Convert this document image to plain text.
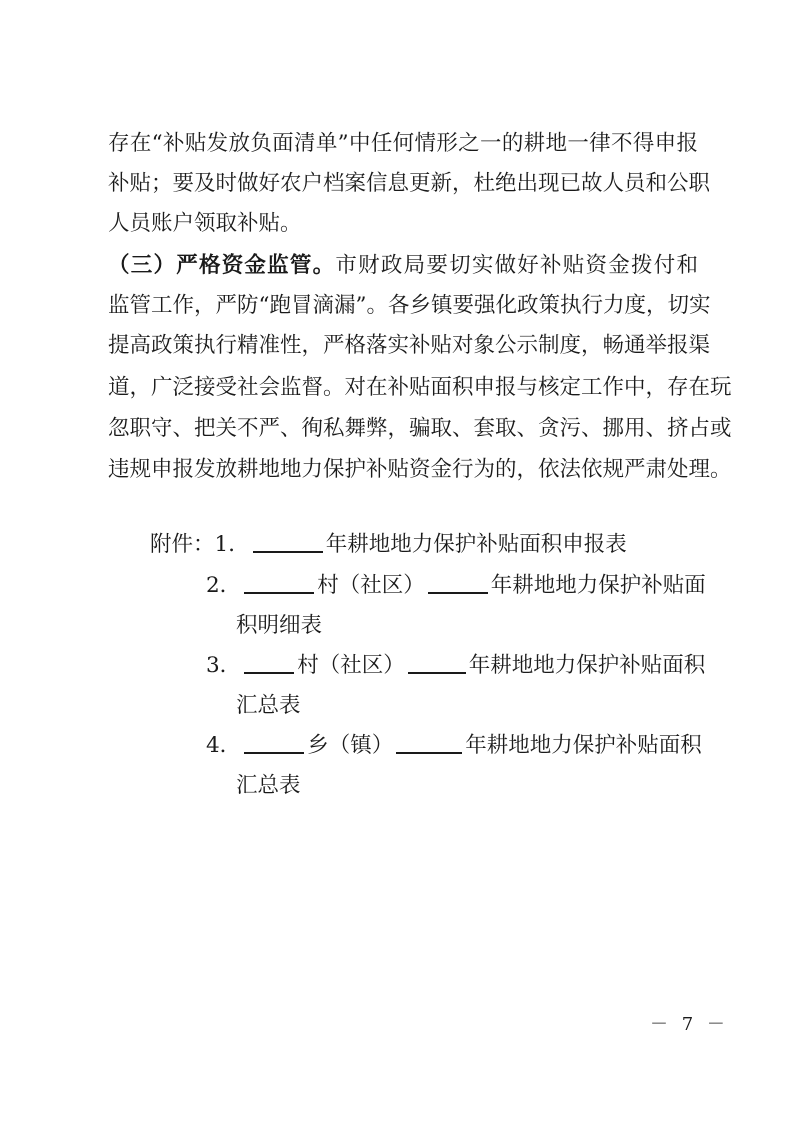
存在“补贴发放负面清单”中任何情形之一的耕地一律不得申报
补贴；要及时做好农户档案信息更新，杜绝出现已故人员和公职
人员账户领取补贴。
（三）严格资金监管。市财政局要切实做好补贴资金拨付和
监管工作，严防“跑冒滴漏”。各乡镇要强化政策执行力度，切实
提高政策执行精准性，严格落实补贴对象公示制度，畅通举报渠
道，广泛接受社会监督。对在补贴面积申报与核定工作中，存在玩
忽职守、把关不严、徇私舞弊，骗取、套取、贪污、挪用、挤占或
违规申报发放耕地地力保护补贴资金行为的，依法依规严肃处理。
附件：1．	年耕地地力保护补贴面积申报表
2．	村（社区）	年耕地地力保护补贴面
积明细表
3．	村（社区）	年耕地地力保护补贴面积
汇总表
4．	乡（镇）	年耕地地力保护补贴面积
汇总表
－ 7 －
